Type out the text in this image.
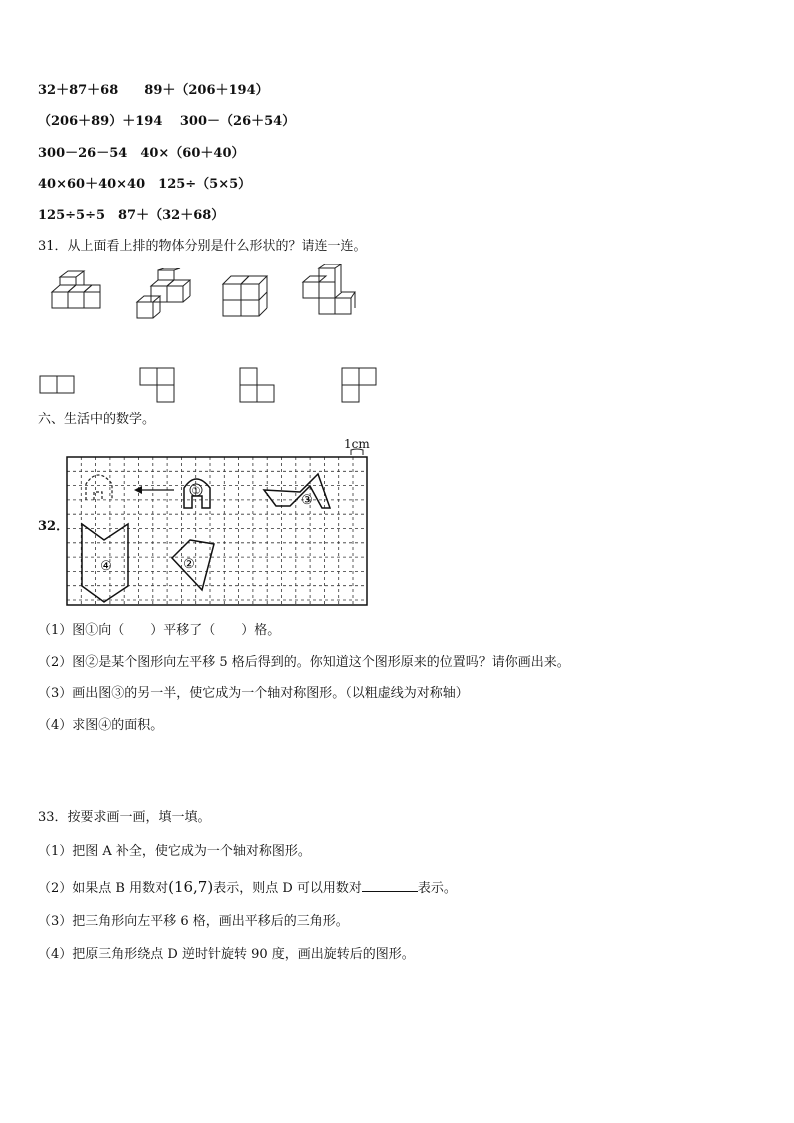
32＋87＋68　　89＋（206＋194）
（206＋89）＋194　 300－（26＋54）
300－26－54　40×（60＋40）
40×60＋40×40　125÷（5×5）
125÷5÷5　87＋（32＋68）
31．从上面看上排的物体分别是什么形状的？请连一连。
六、生活中的数学。
1cm
32．
①
②
③
④
（1）图①向（　　）平移了（　　）格。
（2）图②是某个图形向左平移 5 格后得到的。你知道这个图形原来的位置吗？请你画出来。
（3）画出图③的另一半，使它成为一个轴对称图形。（以粗虚线为对称轴）
（4）求图④的面积。
33．按要求画一画，填一填。
（1）把图 A 补全，使它成为一个轴对称图形。
（2）如果点 B 用数对(16,7)表示，则点 D 可以用数对	表示。
（3）把三角形向左平移 6 格，画出平移后的三角形。
（4）把原三角形绕点 D 逆时针旋转 90 度，画出旋转后的图形。
